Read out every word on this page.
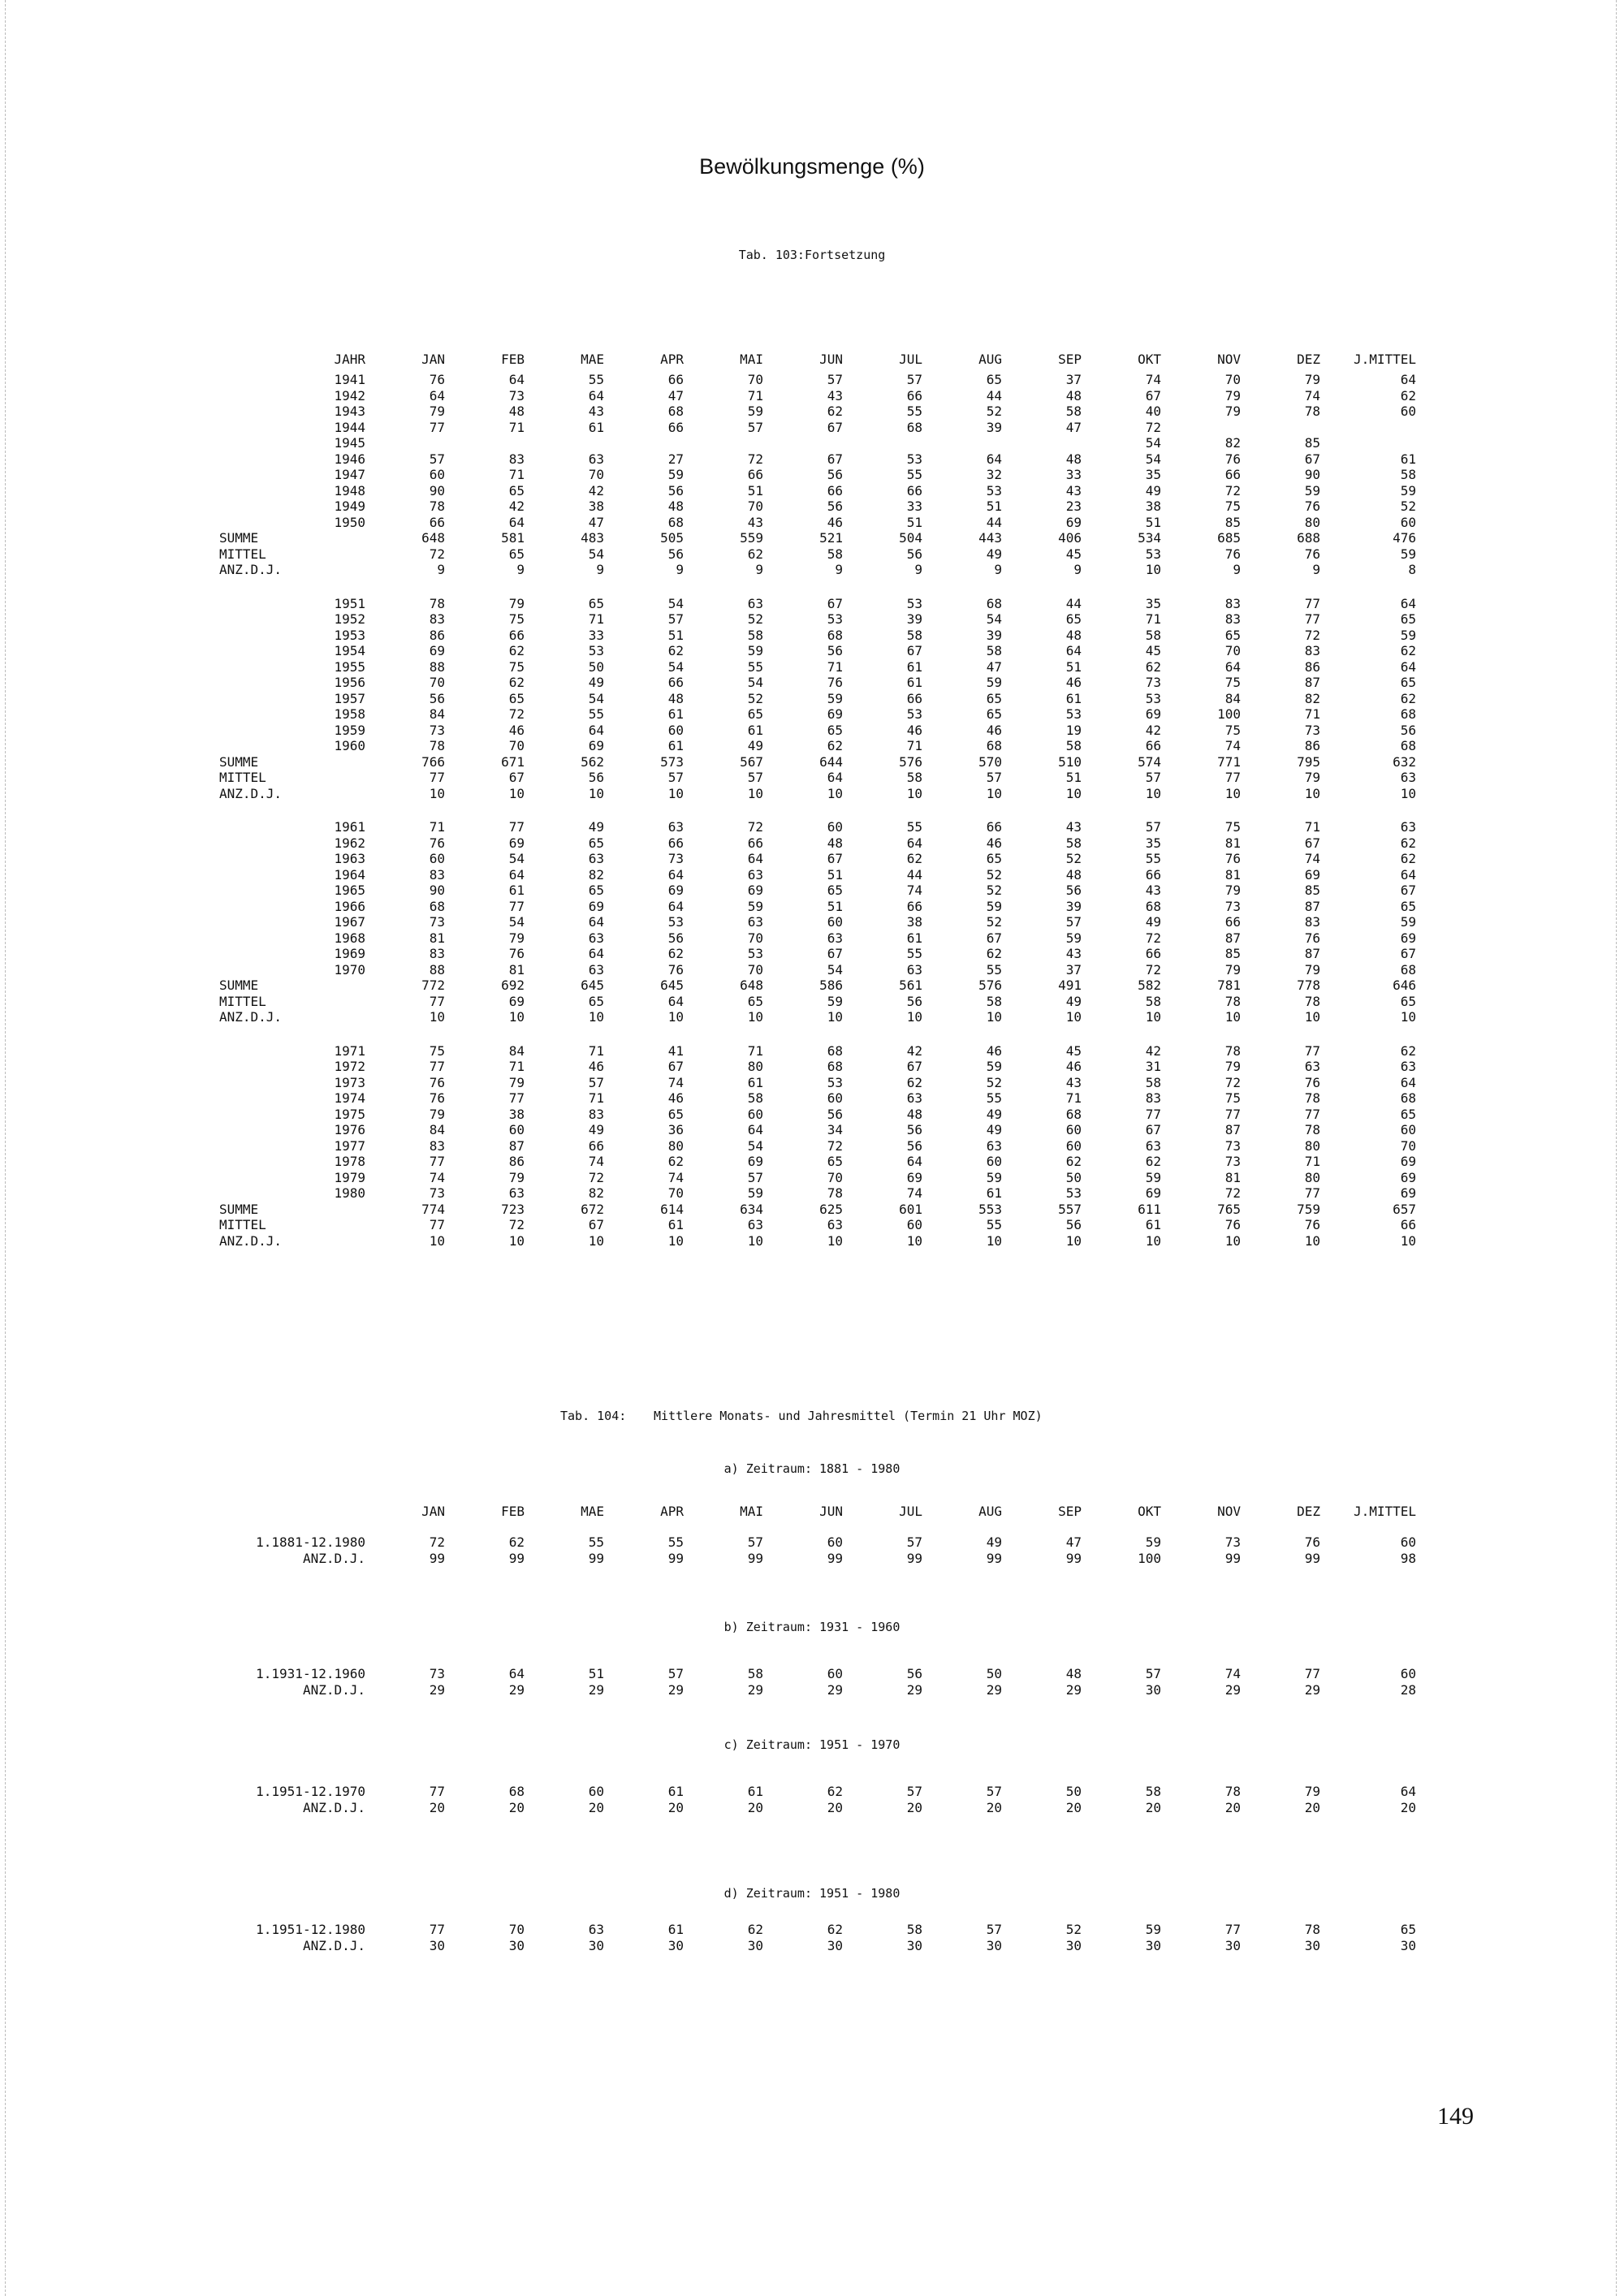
Bewölkungsmenge (%)
Tab. 103:Fortsetzung
JAHR	JAN	FEB	MAE	APR	MAI	JUN	JUL	AUG	SEP	OKT	NOV	DEZ	J.MITTEL
1941	76	64	55	66	70	57	57	65	37	74	70	79	64
1942	64	73	64	47	71	43	66	44	48	67	79	74	62
1943	79	48	43	68	59	62	55	52	58	40	79	78	60
1944	77	71	61	66	57	67	68	39	47	72			
1945										54	82	85	
1946	57	83	63	27	72	67	53	64	48	54	76	67	61
1947	60	71	70	59	66	56	55	32	33	35	66	90	58
1948	90	65	42	56	51	66	66	53	43	49	72	59	59
1949	78	42	38	48	70	56	33	51	23	38	75	76	52
1950	66	64	47	68	43	46	51	44	69	51	85	80	60
SUMME	648	581	483	505	559	521	504	443	406	534	685	688	476
MITTEL	72	65	54	56	62	58	56	49	45	53	76	76	59
ANZ.D.J.	9	9	9	9	9	9	9	9	9	10	9	9	8

1951	78	79	65	54	63	67	53	68	44	35	83	77	64
1952	83	75	71	57	52	53	39	54	65	71	83	77	65
1953	86	66	33	51	58	68	58	39	48	58	65	72	59
1954	69	62	53	62	59	56	67	58	64	45	70	83	62
1955	88	75	50	54	55	71	61	47	51	62	64	86	64
1956	70	62	49	66	54	76	61	59	46	73	75	87	65
1957	56	65	54	48	52	59	66	65	61	53	84	82	62
1958	84	72	55	61	65	69	53	65	53	69	100	71	68
1959	73	46	64	60	61	65	46	46	19	42	75	73	56
1960	78	70	69	61	49	62	71	68	58	66	74	86	68
SUMME	766	671	562	573	567	644	576	570	510	574	771	795	632
MITTEL	77	67	56	57	57	64	58	57	51	57	77	79	63
ANZ.D.J.	10	10	10	10	10	10	10	10	10	10	10	10	10

1961	71	77	49	63	72	60	55	66	43	57	75	71	63
1962	76	69	65	66	66	48	64	46	58	35	81	67	62
1963	60	54	63	73	64	67	62	65	52	55	76	74	62
1964	83	64	82	64	63	51	44	52	48	66	81	69	64
1965	90	61	65	69	69	65	74	52	56	43	79	85	67
1966	68	77	69	64	59	51	66	59	39	68	73	87	65
1967	73	54	64	53	63	60	38	52	57	49	66	83	59
1968	81	79	63	56	70	63	61	67	59	72	87	76	69
1969	83	76	64	62	53	67	55	62	43	66	85	87	67
1970	88	81	63	76	70	54	63	55	37	72	79	79	68
SUMME	772	692	645	645	648	586	561	576	491	582	781	778	646
MITTEL	77	69	65	64	65	59	56	58	49	58	78	78	65
ANZ.D.J.	10	10	10	10	10	10	10	10	10	10	10	10	10

1971	75	84	71	41	71	68	42	46	45	42	78	77	62
1972	77	71	46	67	80	68	67	59	46	31	79	63	63
1973	76	79	57	74	61	53	62	52	43	58	72	76	64
1974	76	77	71	46	58	60	63	55	71	83	75	78	68
1975	79	38	83	65	60	56	48	49	68	77	77	77	65
1976	84	60	49	36	64	34	56	49	60	67	87	78	60
1977	83	87	66	80	54	72	56	63	60	63	73	80	70
1978	77	86	74	62	69	65	64	60	62	62	73	71	69
1979	74	79	72	74	57	70	69	59	50	59	81	80	69
1980	73	63	82	70	59	78	74	61	53	69	72	77	69
SUMME	774	723	672	614	634	625	601	553	557	611	765	759	657
MITTEL	77	72	67	61	63	63	60	55	56	61	76	76	66
ANZ.D.J.	10	10	10	10	10	10	10	10	10	10	10	10	10
Tab. 104: Mittlere Monats- und Jahresmittel (Termin 21 Uhr MOZ)
	JAN	FEB	MAE	APR	MAI	JUN	JUL	AUG	SEP	OKT	NOV	DEZ	J.MITTEL
a) Zeitraum: 1881 - 1980
1.1881-12.1980	72	62	55	55	57	60	57	49	47	59	73	76	60
ANZ.D.J.	99	99	99	99	99	99	99	99	99	100	99	99	98
b) Zeitraum: 1931 - 1960
1.1931-12.1960	73	64	51	57	58	60	56	50	48	57	74	77	60
ANZ.D.J.	29	29	29	29	29	29	29	29	29	30	29	29	28
c) Zeitraum: 1951 - 1970
1.1951-12.1970	77	68	60	61	61	62	57	57	50	58	78	79	64
ANZ.D.J.	20	20	20	20	20	20	20	20	20	20	20	20	20
d) Zeitraum: 1951 - 1980
1.1951-12.1980	77	70	63	61	62	62	58	57	52	59	77	78	65
ANZ.D.J.	30	30	30	30	30	30	30	30	30	30	30	30	30
149
